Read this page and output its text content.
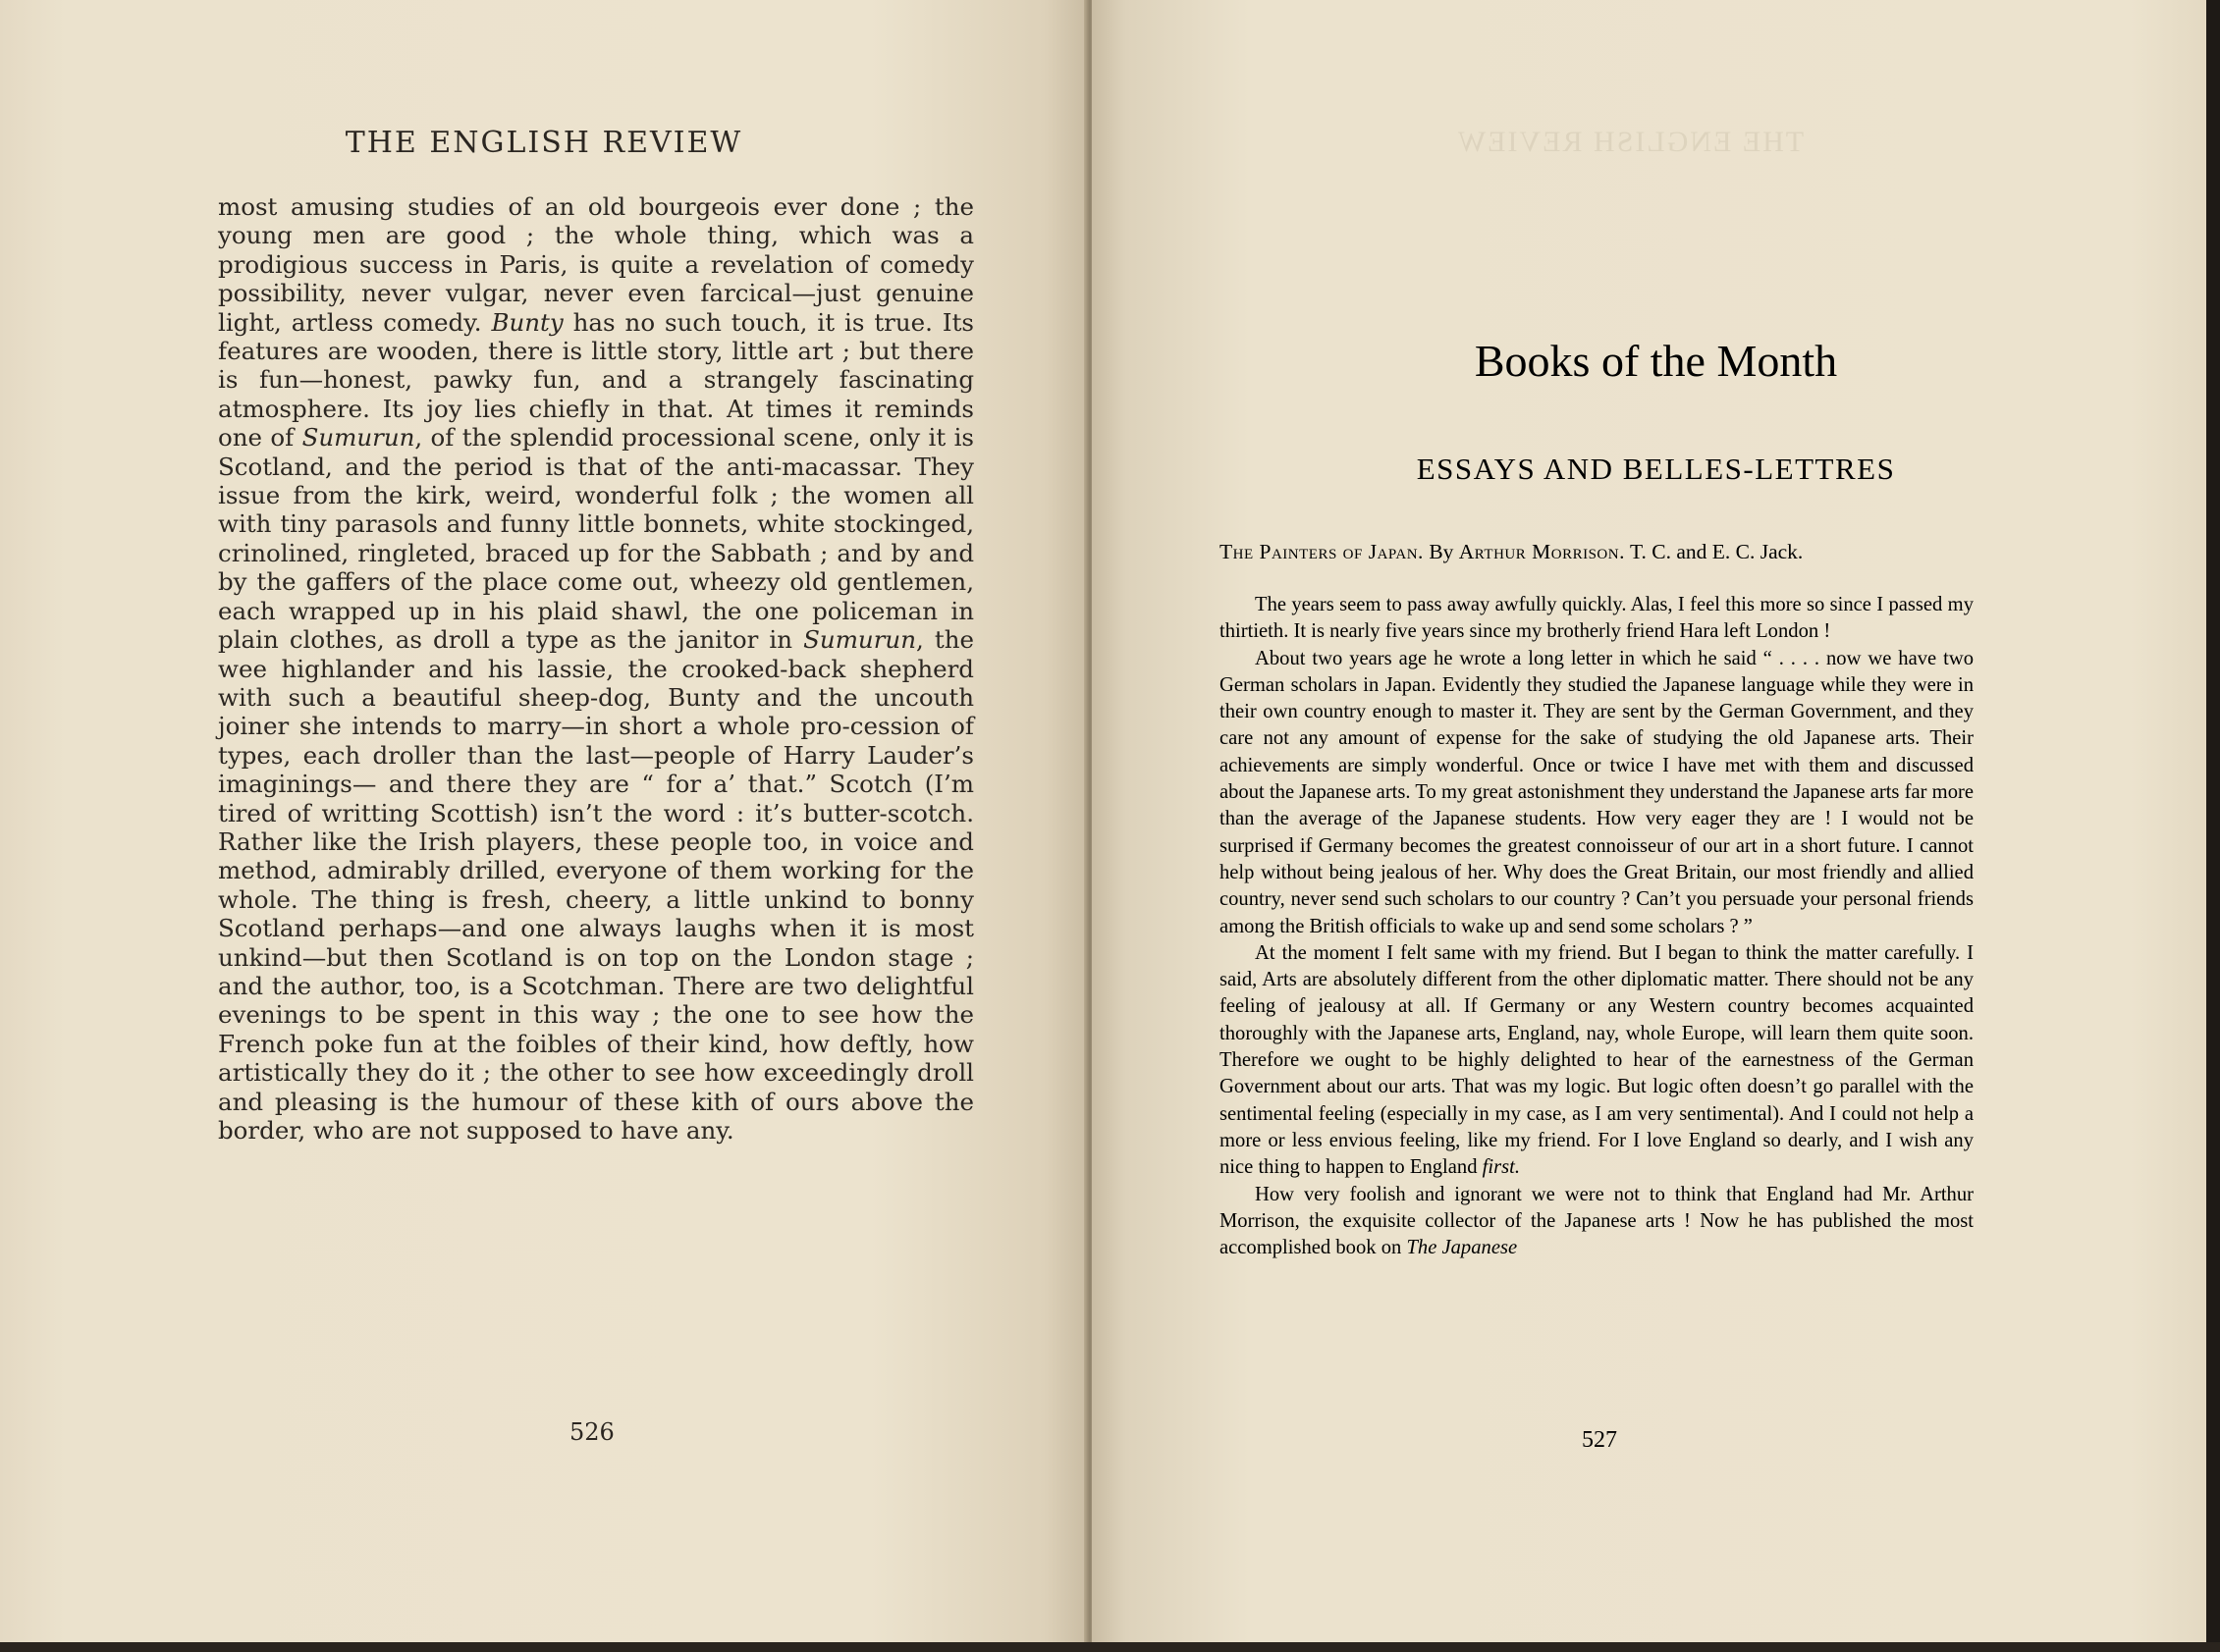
THE ENGLISH REVIEW

most amusing studies of an old bourgeois ever done ; the young men are good ; the whole thing, which was a prodigious success in Paris, is quite a revelation of comedy possibility, never vulgar, never even farcical—just genuine light, artless comedy. Bunty has no such touch, it is true. Its features are wooden, there is little story, little art ; but there is fun—honest, pawky fun, and a strangely fascinating atmosphere. Its joy lies chiefly in that. At times it reminds one of Sumurun, of the splendid processional scene, only it is Scotland, and the period is that of the anti-macassar. They issue from the kirk, weird, wonderful folk ; the women all with tiny parasols and funny little bonnets, white stockinged, crinolined, ringleted, braced up for the Sabbath ; and by and by the gaffers of the place come out, wheezy old gentlemen, each wrapped up in his plaid shawl, the one policeman in plain clothes, as droll a type as the janitor in Sumurun, the wee highlander and his lassie, the crooked-back shepherd with such a beautiful sheep-dog, Bunty and the uncouth joiner she intends to marry—in short a whole pro-cession of types, each droller than the last—people of Harry Lauder’s imaginings— and there they are “ for a’ that.” Scotch (I’m tired of writting Scottish) isn’t the word : it’s butter-scotch. Rather like the Irish players, these people too, in voice and method, admirably drilled, everyone of them working for the whole. The thing is fresh, cheery, a little unkind to bonny Scotland perhaps—and one always laughs when it is most unkind—but then Scotland is on top on the London stage ; and the author, too, is a Scotchman. There are two delightful evenings to be spent in this way ; the one to see how the French poke fun at the foibles of their kind, how deftly, how artistically they do it ; the other to see how exceedingly droll and pleasing is the humour of these kith of ours above the border, who are not supposed to have any.

526
THE ENGLISH REVIEW
Books of the Month
ESSAYS AND BELLES-LETTRES
The Painters of Japan. By Arthur Morrison. T. C. and E. C. Jack.

The years seem to pass away awfully quickly. Alas, I feel this more so since I passed my thirtieth. It is nearly five years since my brotherly friend Hara left London !

About two years age he wrote a long letter in which he said “ . . . . now we have two German scholars in Japan. Evidently they studied the Japanese language while they were in their own country enough to master it. They are sent by the German Government, and they care not any amount of expense for the sake of studying the old Japanese arts. Their achievements are simply wonderful. Once or twice I have met with them and discussed about the Japanese arts. To my great astonishment they understand the Japanese arts far more than the average of the Japanese students. How very eager they are ! I would not be surprised if Germany becomes the greatest connoisseur of our art in a short future. I cannot help without being jealous of her. Why does the Great Britain, our most friendly and allied country, never send such scholars to our country ? Can’t you persuade your personal friends among the British officials to wake up and send some scholars ? ”

At the moment I felt same with my friend. But I began to think the matter carefully. I said, Arts are absolutely different from the other diplomatic matter. There should not be any feeling of jealousy at all. If Germany or any Western country becomes acquainted thoroughly with the Japanese arts, England, nay, whole Europe, will learn them quite soon. Therefore we ought to be highly delighted to hear of the earnestness of the German Government about our arts. That was my logic. But logic often doesn’t go parallel with the sentimental feeling (especially in my case, as I am very sentimental). And I could not help a more or less envious feeling, like my friend. For I love England so dearly, and I wish any nice thing to happen to England first.

How very foolish and ignorant we were not to think that England had Mr. Arthur Morrison, the exquisite collector of the Japanese arts ! Now he has published the most accomplished book on The Japanese

527
